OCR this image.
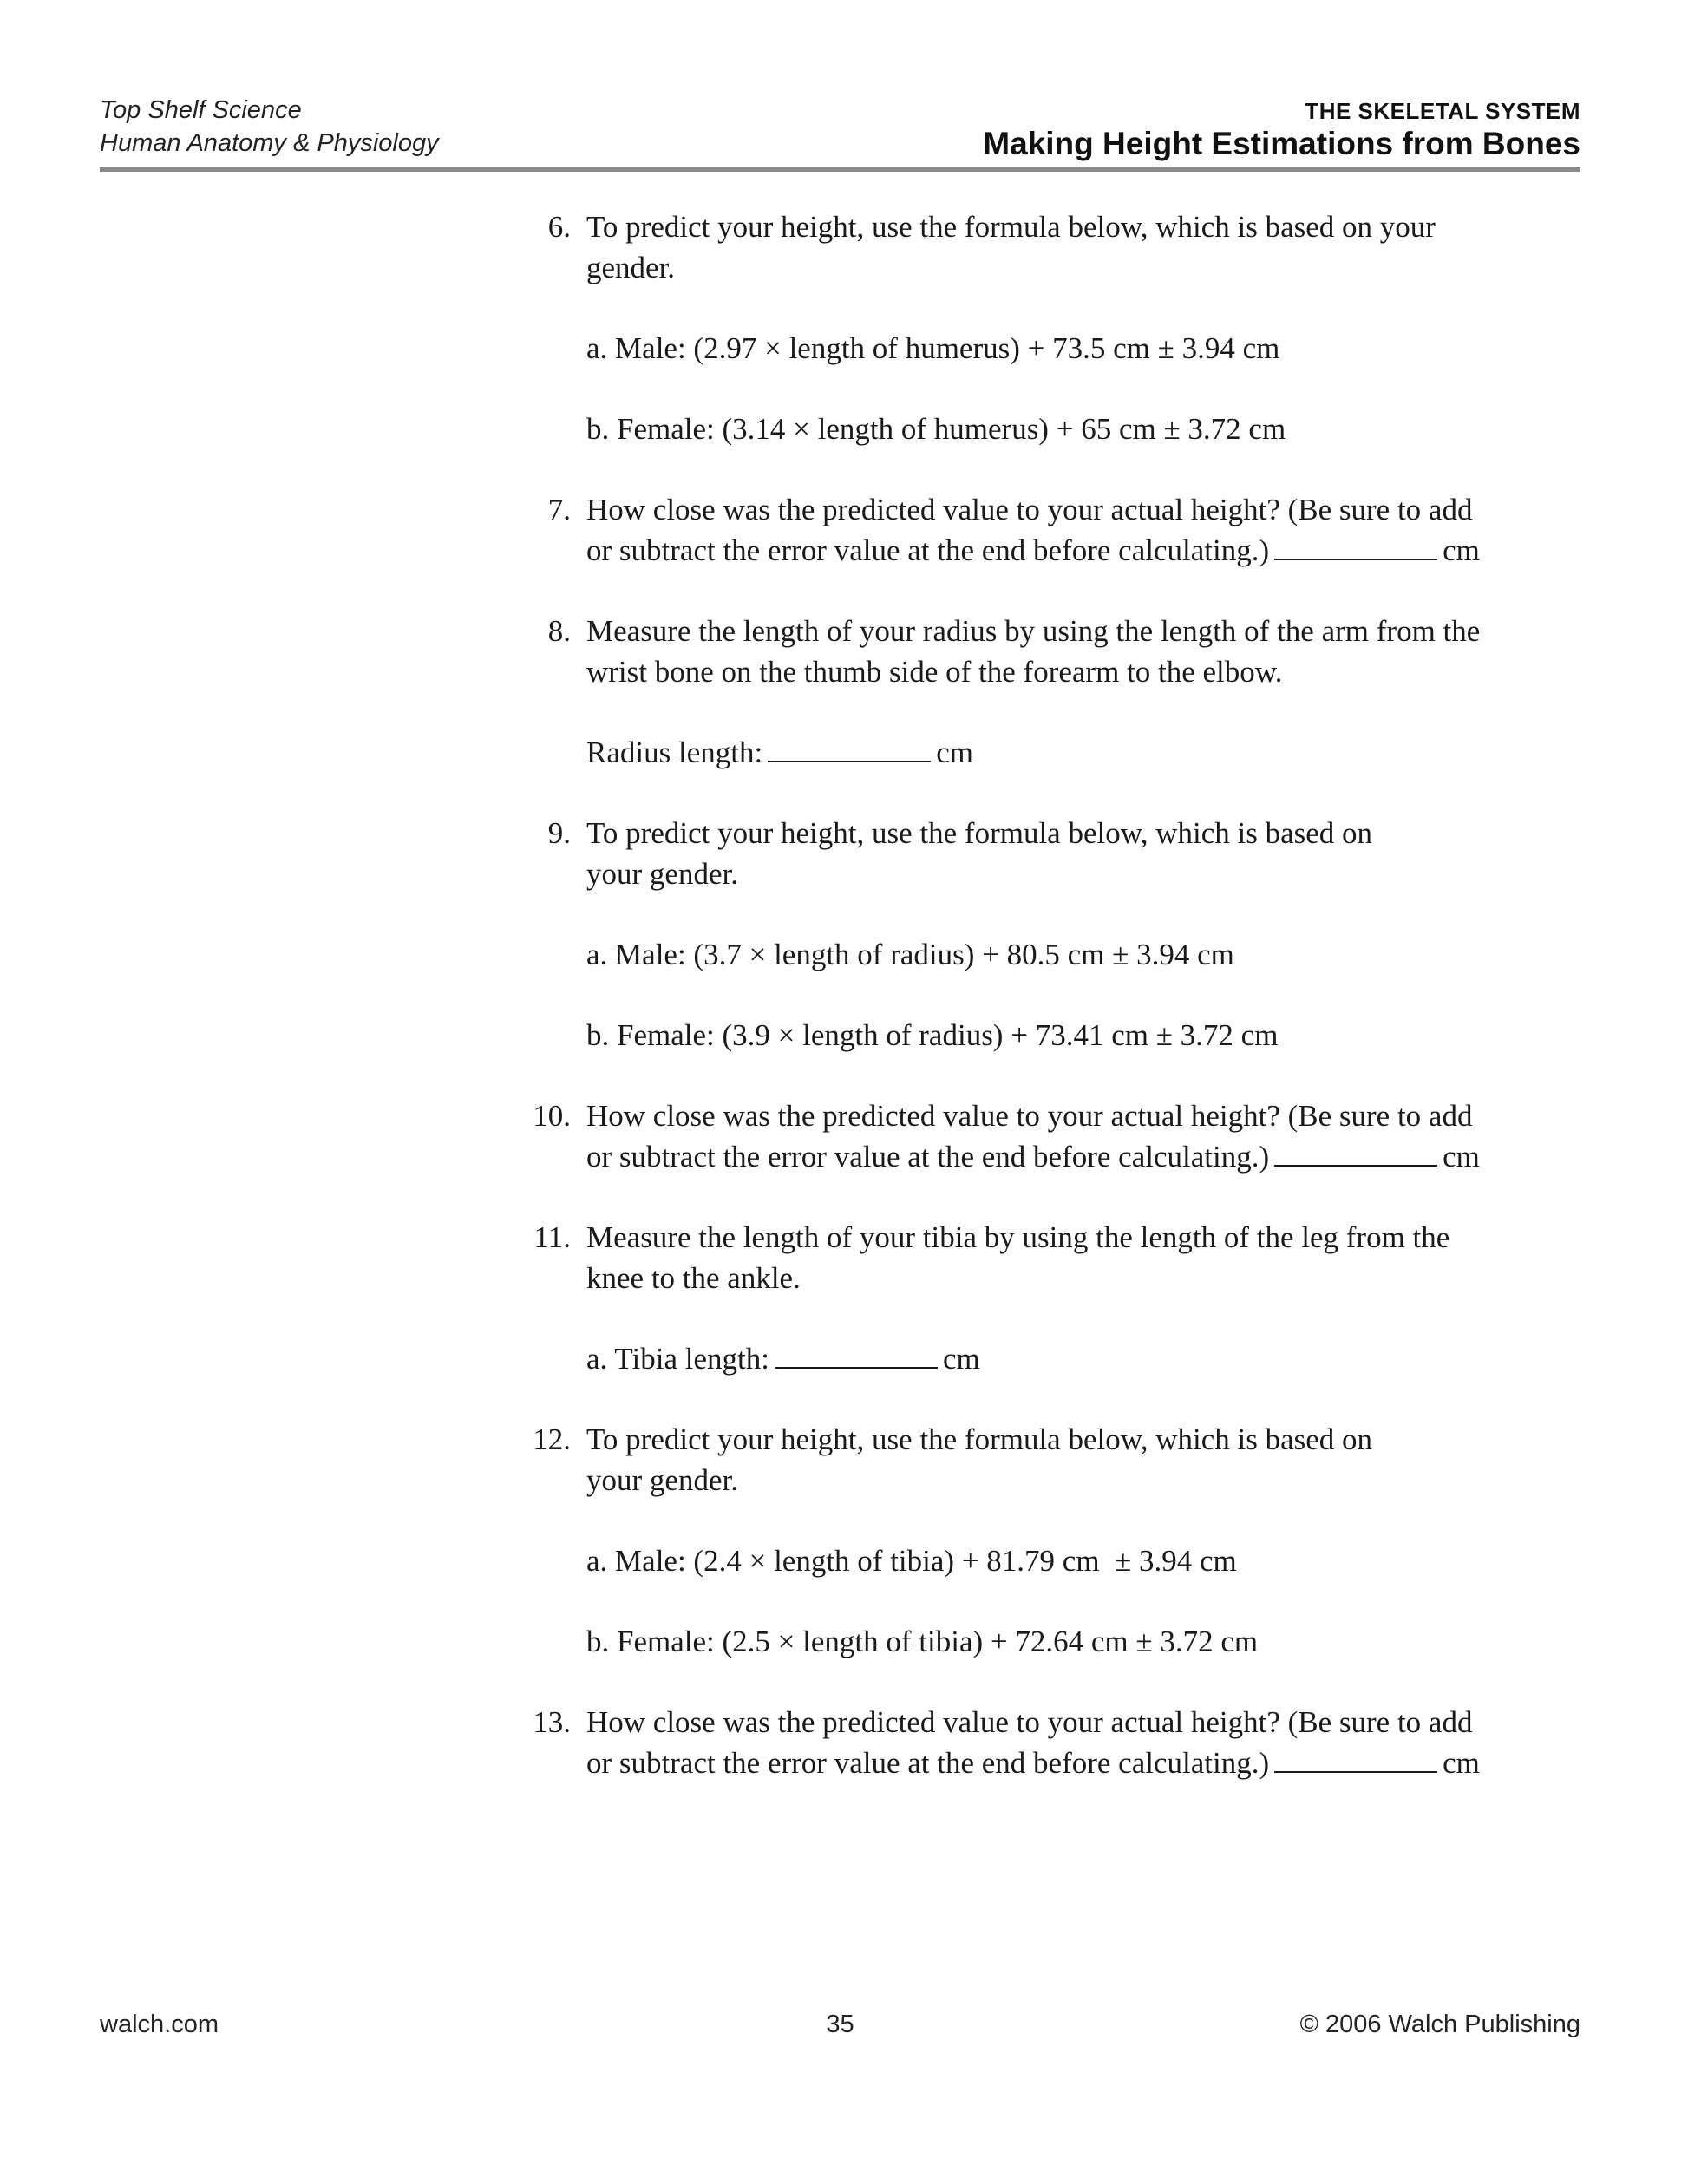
Top Shelf Science
Human Anatomy & Physiology
THE SKELETAL SYSTEM
Making Height Estimations from Bones
6. To predict your height, use the formula below, which is based on your
gender.
a. Male: (2.97 × length of humerus) + 73.5 cm ± 3.94 cm
b. Female: (3.14 × length of humerus) + 65 cm ± 3.72 cm
7. How close was the predicted value to your actual height? (Be sure to add
or subtract the error value at the end before calculating.)	cm
8. Measure the length of your radius by using the length of the arm from the
wrist bone on the thumb side of the forearm to the elbow.
Radius length:	cm
9. To predict your height, use the formula below, which is based on
your gender.
a. Male: (3.7 × length of radius) + 80.5 cm ± 3.94 cm
b. Female: (3.9 × length of radius) + 73.41 cm ± 3.72 cm
10. How close was the predicted value to your actual height? (Be sure to add
or subtract the error value at the end before calculating.)	cm
11. Measure the length of your tibia by using the length of the leg from the
knee to the ankle.
a. Tibia length:	cm
12. To predict your height, use the formula below, which is based on
your gender.
a. Male: (2.4 × length of tibia) + 81.79 cm  ± 3.94 cm
b. Female: (2.5 × length of tibia) + 72.64 cm ± 3.72 cm
13. How close was the predicted value to your actual height? (Be sure to add
or subtract the error value at the end before calculating.)	cm
walch.com	35	© 2006 Walch Publishing
